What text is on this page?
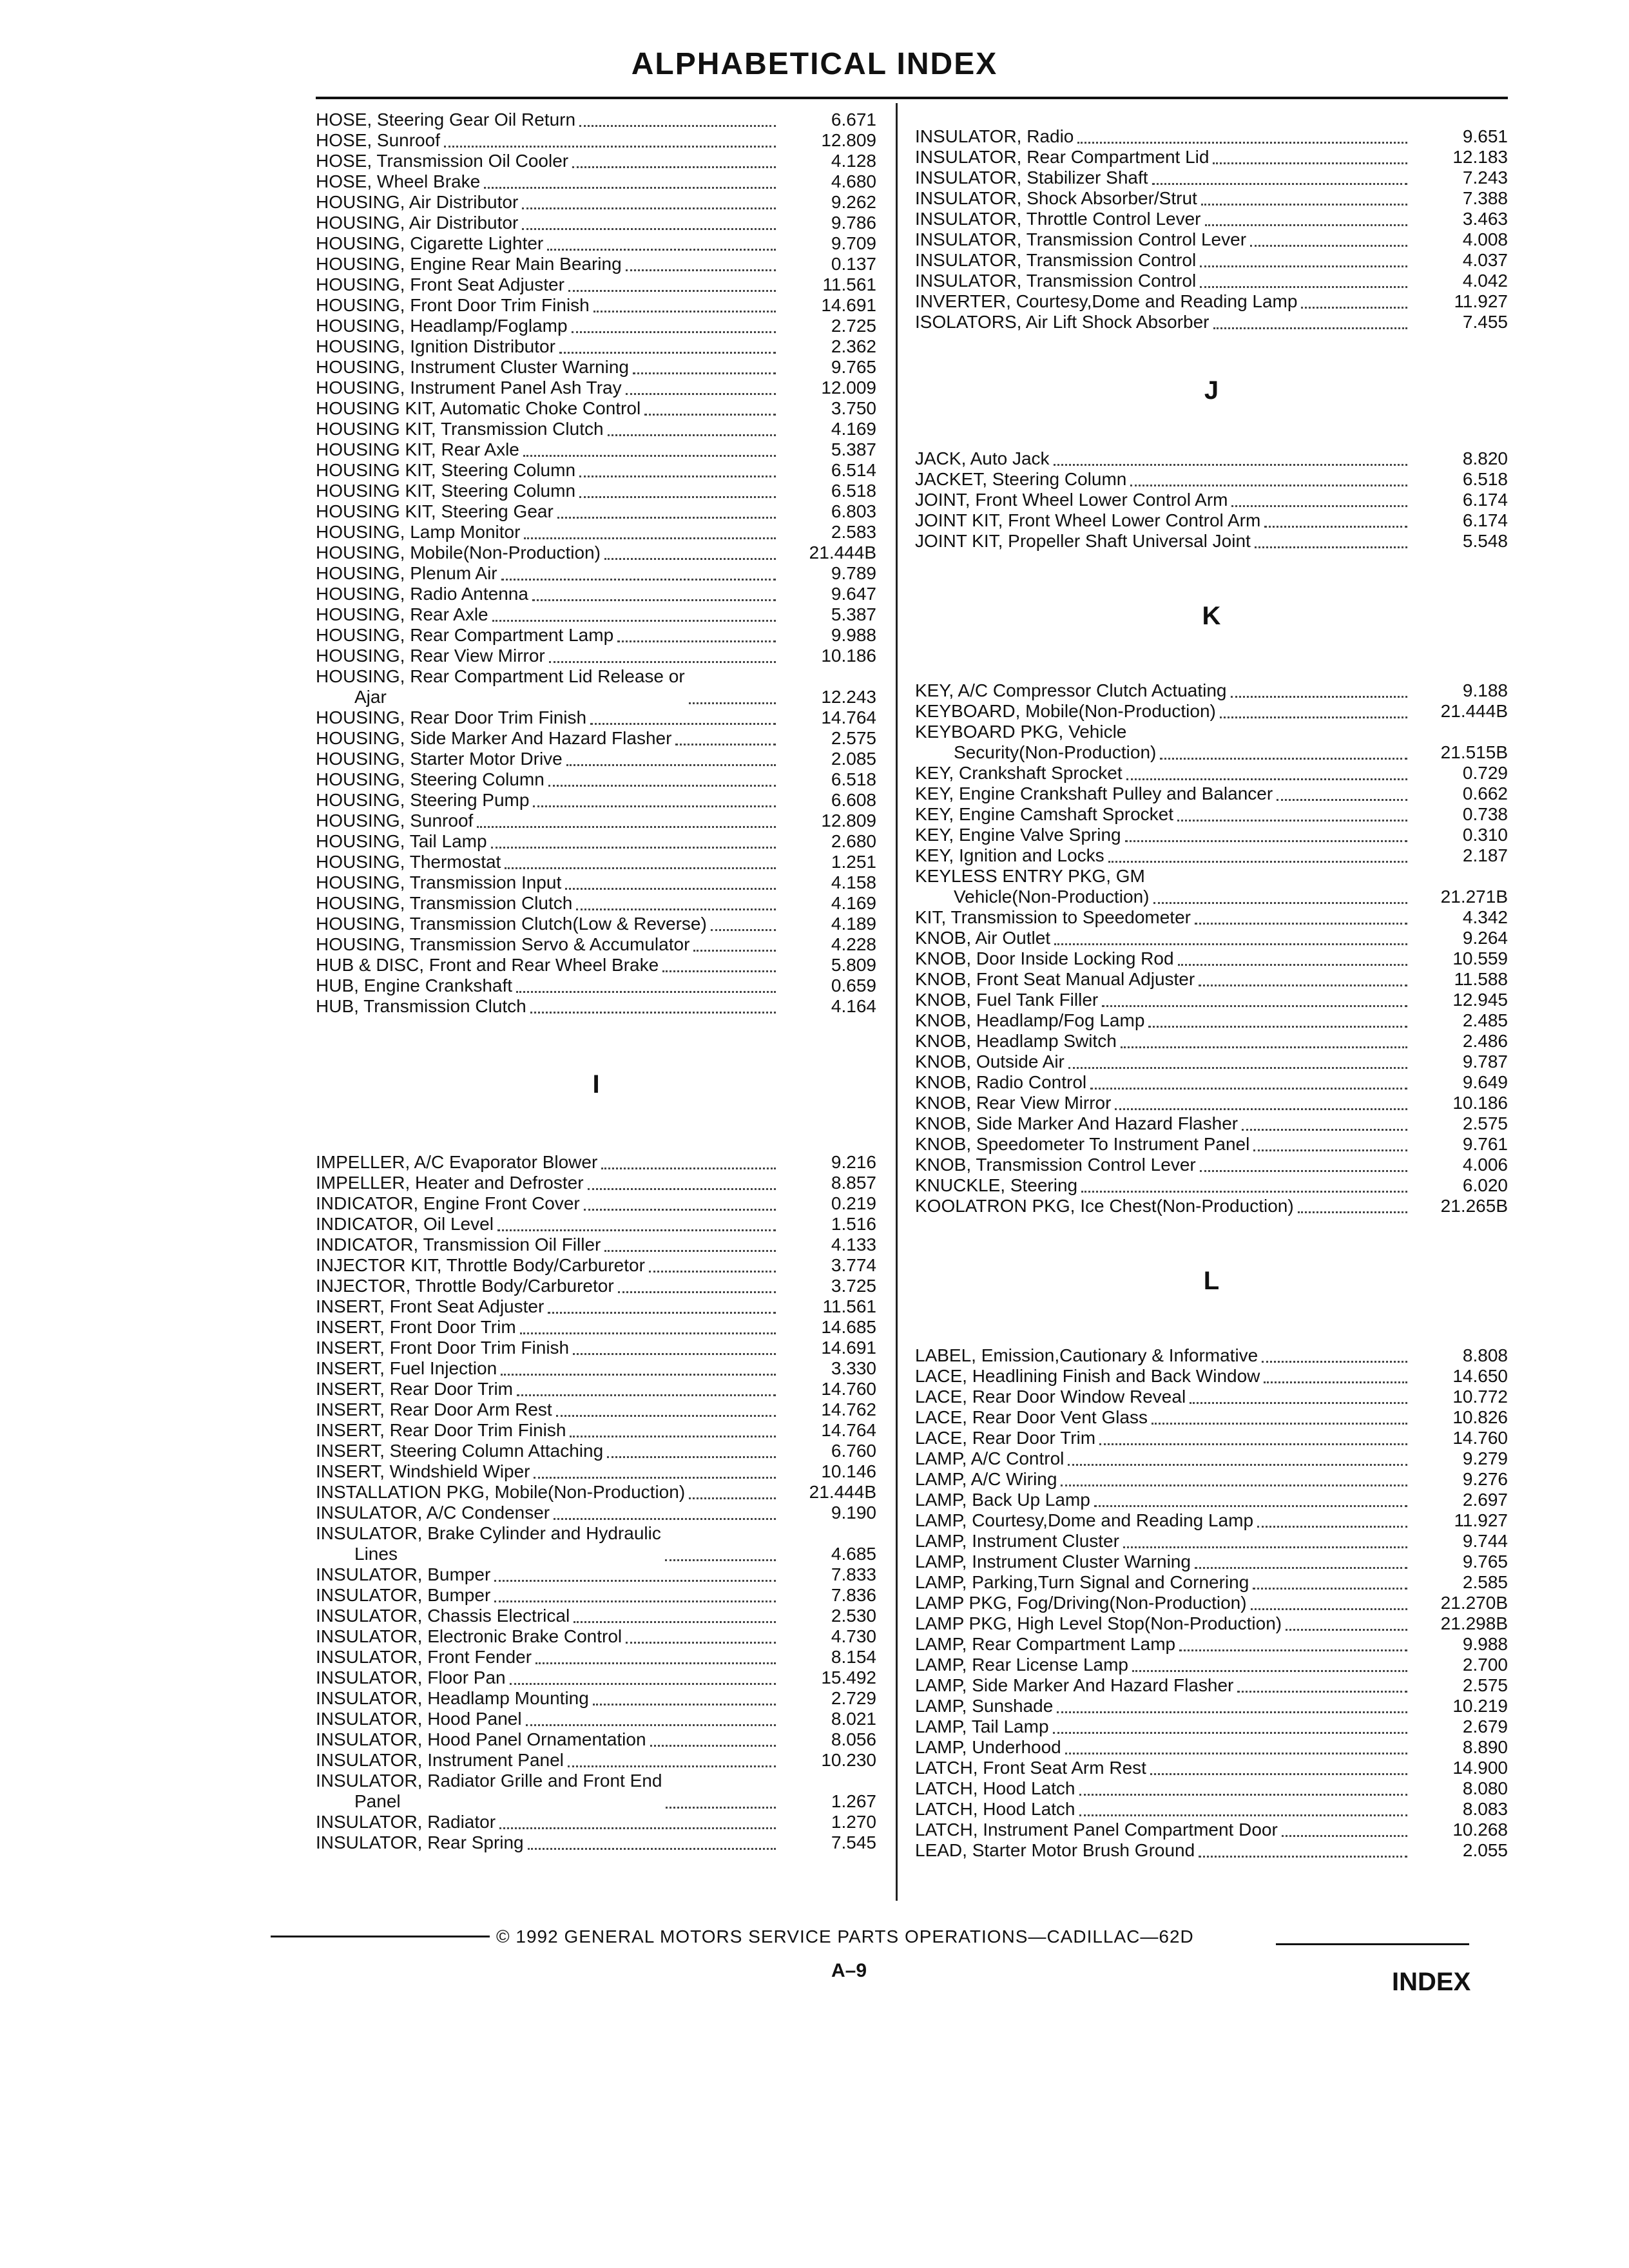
ALPHABETICAL INDEX
HOSE, Steering Gear Oil Return	6.671
HOSE, Sunroof	12.809
HOSE, Transmission Oil Cooler	4.128
HOSE, Wheel Brake	4.680
HOUSING, Air Distributor	9.262
HOUSING, Air Distributor	9.786
HOUSING, Cigarette Lighter	9.709
HOUSING, Engine Rear Main Bearing	0.137
HOUSING, Front Seat Adjuster	11.561
HOUSING, Front Door Trim Finish	14.691
HOUSING, Headlamp/Foglamp	2.725
HOUSING, Ignition Distributor	2.362
HOUSING, Instrument Cluster Warning	9.765
HOUSING, Instrument Panel Ash Tray	12.009
HOUSING KIT, Automatic Choke Control	3.750
HOUSING KIT, Transmission Clutch	4.169
HOUSING KIT, Rear Axle	5.387
HOUSING KIT, Steering Column	6.514
HOUSING KIT, Steering Column	6.518
HOUSING KIT, Steering Gear	6.803
HOUSING, Lamp Monitor	2.583
HOUSING, Mobile(Non-Production)	21.444B
HOUSING, Plenum Air	9.789
HOUSING, Radio Antenna	9.647
HOUSING, Rear Axle	5.387
HOUSING, Rear Compartment Lamp	9.988
HOUSING, Rear View Mirror	10.186
HOUSING, Rear Compartment Lid Release or
Ajar	12.243
HOUSING, Rear Door Trim Finish	14.764
HOUSING, Side Marker And Hazard Flasher	2.575
HOUSING, Starter Motor Drive	2.085
HOUSING, Steering Column	6.518
HOUSING, Steering Pump	6.608
HOUSING, Sunroof	12.809
HOUSING, Tail Lamp	2.680
HOUSING, Thermostat	1.251
HOUSING, Transmission Input	4.158
HOUSING, Transmission Clutch	4.169
HOUSING, Transmission Clutch(Low & Reverse)	4.189
HOUSING, Transmission Servo & Accumulator	4.228
HUB & DISC, Front and Rear Wheel Brake	5.809
HUB, Engine Crankshaft	0.659
HUB, Transmission Clutch	4.164
I
IMPELLER, A/C Evaporator Blower	9.216
IMPELLER, Heater and Defroster	8.857
INDICATOR, Engine Front Cover	0.219
INDICATOR, Oil Level	1.516
INDICATOR, Transmission Oil Filler	4.133
INJECTOR KIT, Throttle Body/Carburetor	3.774
INJECTOR, Throttle Body/Carburetor	3.725
INSERT, Front Seat Adjuster	11.561
INSERT, Front Door Trim	14.685
INSERT, Front Door Trim Finish	14.691
INSERT, Fuel Injection	3.330
INSERT, Rear Door Trim	14.760
INSERT, Rear Door Arm Rest	14.762
INSERT, Rear Door Trim Finish	14.764
INSERT, Steering Column Attaching	6.760
INSERT, Windshield Wiper	10.146
INSTALLATION PKG, Mobile(Non-Production)	21.444B
INSULATOR, A/C Condenser	9.190
INSULATOR, Brake Cylinder and Hydraulic
Lines	4.685
INSULATOR, Bumper	7.833
INSULATOR, Bumper	7.836
INSULATOR, Chassis Electrical	2.530
INSULATOR, Electronic Brake Control	4.730
INSULATOR, Front Fender	8.154
INSULATOR, Floor Pan	15.492
INSULATOR, Headlamp Mounting	2.729
INSULATOR, Hood Panel	8.021
INSULATOR, Hood Panel Ornamentation	8.056
INSULATOR, Instrument Panel	10.230
INSULATOR, Radiator Grille and Front End
Panel	1.267
INSULATOR, Radiator	1.270
INSULATOR, Rear Spring	7.545
INSULATOR, Radio	9.651
INSULATOR, Rear Compartment Lid	12.183
INSULATOR, Stabilizer Shaft	7.243
INSULATOR, Shock Absorber/Strut	7.388
INSULATOR, Throttle Control Lever	3.463
INSULATOR, Transmission Control Lever	4.008
INSULATOR, Transmission Control	4.037
INSULATOR, Transmission Control	4.042
INVERTER, Courtesy,Dome and Reading Lamp	11.927
ISOLATORS, Air Lift Shock Absorber	7.455
J
JACK, Auto Jack	8.820
JACKET, Steering Column	6.518
JOINT, Front Wheel Lower Control Arm	6.174
JOINT KIT, Front Wheel Lower Control Arm	6.174
JOINT KIT, Propeller Shaft Universal Joint	5.548
K
KEY, A/C Compressor Clutch Actuating	9.188
KEYBOARD, Mobile(Non-Production)	21.444B
KEYBOARD PKG, Vehicle
Security(Non-Production)	21.515B
KEY, Crankshaft Sprocket	0.729
KEY, Engine Crankshaft Pulley and Balancer	0.662
KEY, Engine Camshaft Sprocket	0.738
KEY, Engine Valve Spring	0.310
KEY, Ignition and Locks	2.187
KEYLESS ENTRY PKG, GM
Vehicle(Non-Production)	21.271B
KIT, Transmission to Speedometer	4.342
KNOB, Air Outlet	9.264
KNOB, Door Inside Locking Rod	10.559
KNOB, Front Seat Manual Adjuster	11.588
KNOB, Fuel Tank Filler	12.945
KNOB, Headlamp/Fog Lamp	2.485
KNOB, Headlamp Switch	2.486
KNOB, Outside Air	9.787
KNOB, Radio Control	9.649
KNOB, Rear View Mirror	10.186
KNOB, Side Marker And Hazard Flasher	2.575
KNOB, Speedometer To Instrument Panel	9.761
KNOB, Transmission Control Lever	4.006
KNUCKLE, Steering	6.020
KOOLATRON PKG, Ice Chest(Non-Production)	21.265B
L
LABEL, Emission,Cautionary & Informative	8.808
LACE, Headlining Finish and Back Window	14.650
LACE, Rear Door Window Reveal	10.772
LACE, Rear Door Vent Glass	10.826
LACE, Rear Door Trim	14.760
LAMP, A/C Control	9.279
LAMP, A/C Wiring	9.276
LAMP, Back Up Lamp	2.697
LAMP, Courtesy,Dome and Reading Lamp	11.927
LAMP, Instrument Cluster	9.744
LAMP, Instrument Cluster Warning	9.765
LAMP, Parking,Turn Signal and Cornering	2.585
LAMP PKG, Fog/Driving(Non-Production)	21.270B
LAMP PKG, High Level Stop(Non-Production)	21.298B
LAMP, Rear Compartment Lamp	9.988
LAMP, Rear License Lamp	2.700
LAMP, Side Marker And Hazard Flasher	2.575
LAMP, Sunshade	10.219
LAMP, Tail Lamp	2.679
LAMP, Underhood	8.890
LATCH, Front Seat Arm Rest	14.900
LATCH, Hood Latch	8.080
LATCH, Hood Latch	8.083
LATCH, Instrument Panel Compartment Door	10.268
LEAD, Starter Motor Brush Ground	2.055
© 1992 GENERAL MOTORS SERVICE PARTS OPERATIONS—CADILLAC—62D
A–9	INDEX
